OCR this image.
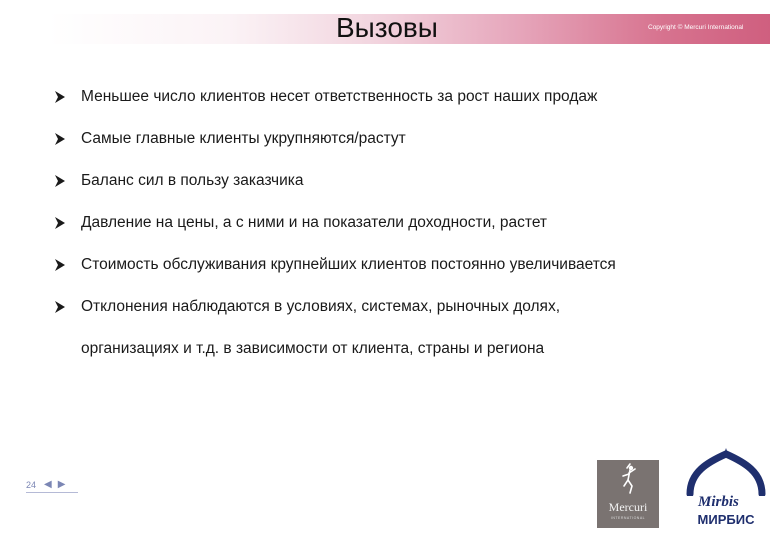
Вызовы	Copyright © Mercuri International
Меньшее число клиентов несет ответственность за рост наших продаж
Самые главные клиенты укрупняются/растут
Баланс сил в пользу заказчика
Давление на цены, а с ними и на показатели доходности, растет
Стоимость обслуживания крупнейших клиентов постоянно увеличивается
Отклонения наблюдаются в условиях, системах, рыночных долях,
организациях и т.д. в зависимости от клиента, страны и региона
24 ◀ ▶
Mercuri
INTERNATIONAL
Mirbis
МИРБИС
